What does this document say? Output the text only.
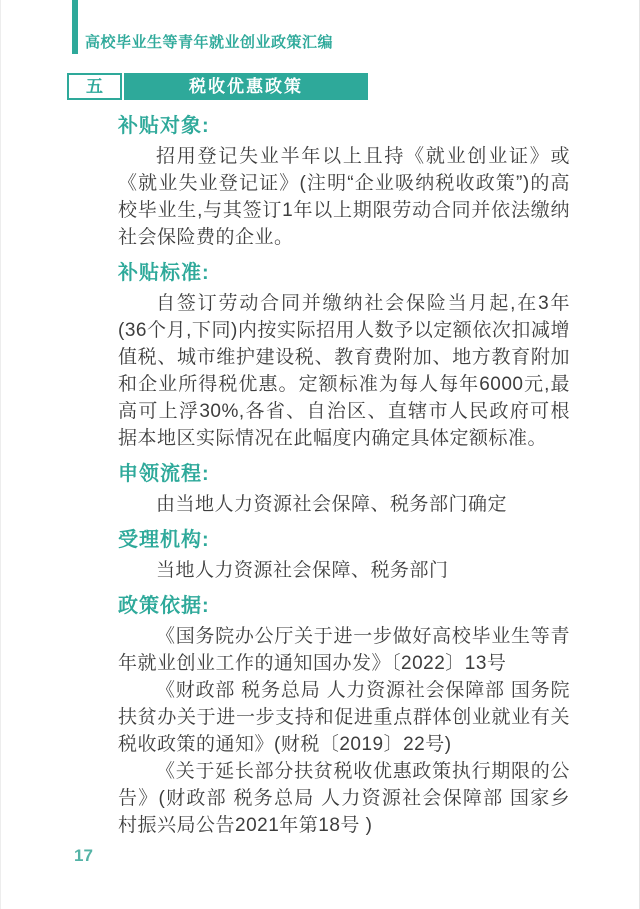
高校毕业生等青年就业创业政策汇编
五	税收优惠政策
补贴对象:

招用登记失业半年以上且持《就业创业证》或《就业失业登记证》(注明“企业吸纳税收政策”)的高校毕业生,与其签订1年以上期限劳动合同并依法缴纳社会保险费的企业。

补贴标准:

自签订劳动合同并缴纳社会保险当月起,在3年(36个月,下同)内按实际招用人数予以定额依次扣减增值税、城市维护建设税、教育费附加、地方教育附加和企业所得税优惠。定额标准为每人每年6000元,最高可上浮30%,各省、自治区、直辖市人民政府可根据本地区实际情况在此幅度内确定具体定额标准。

申领流程:

由当地人力资源社会保障、税务部门确定

受理机构:

当地人力资源社会保障、税务部门

政策依据:

《国务院办公厅关于进一步做好高校毕业生等青年就业创业工作的通知国办发》〔2022〕13号

《财政部 税务总局 人力资源社会保障部 国务院扶贫办关于进一步支持和促进重点群体创业就业有关税收政策的通知》(财税〔2019〕22号)

《关于延长部分扶贫税收优惠政策执行期限的公告》(财政部 税务总局 人力资源社会保障部 国家乡村振兴局公告2021年第18号 )

17
